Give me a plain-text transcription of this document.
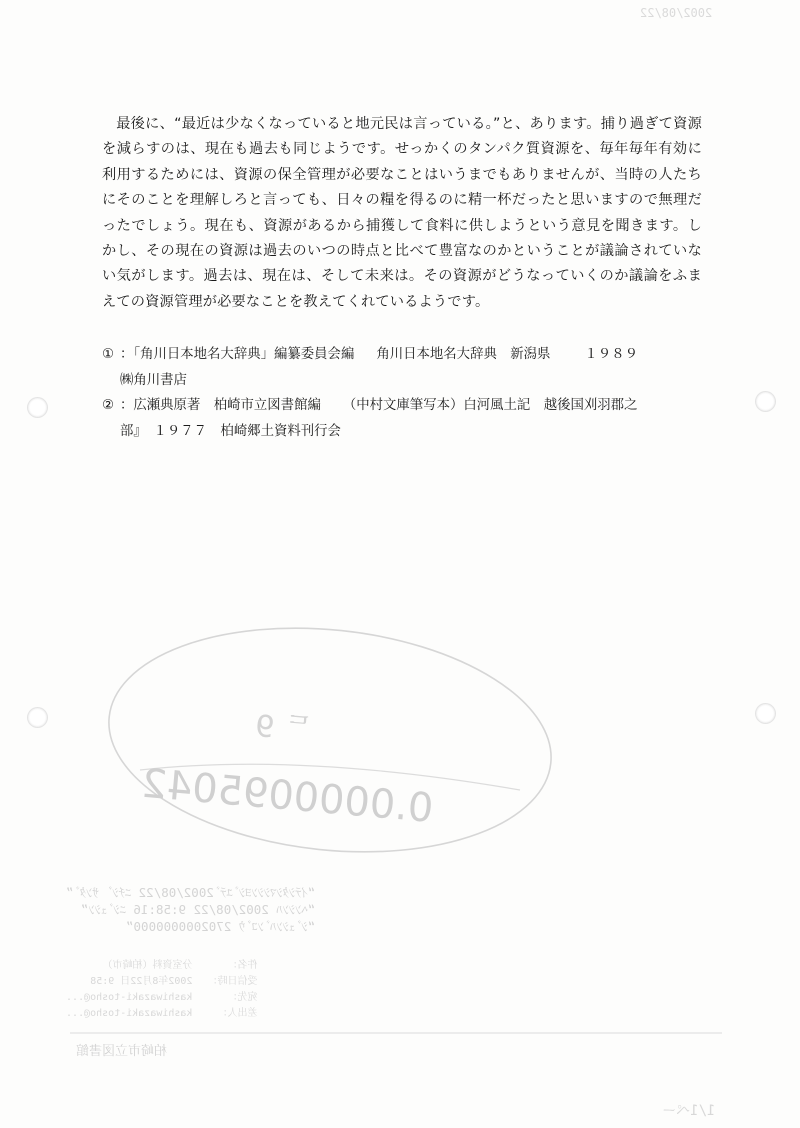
最後に、“最近は少なくなっていると地元民は言っている。”と、あります。捕り過ぎて資源を減らすのは、現在も過去も同じようです。せっかくのタンパク質資源を、毎年毎年有効に利用するためには、資源の保全管理が必要なことはいうまでもありませんが、当時の人たちにそのことを理解しろと言っても、日々の糧を得るのに精一杯だったと思いますので無理だったでしょう。現在も、資源があるから捕獲して食料に供しようという意見を聞きます。しかし、その現在の資源は過去のいつの時点と比べて豊富なのかということが議論されていない気がします。過去は、現在は、そして未来は。その資源がどうなっていくのか議論をふまえての資源管理が必要なことを教えてくれているようです。

① ：「角川日本地名大辞典」編纂委員会編 角川日本地名大辞典　新潟県	１９８９
㈱角川書店
② ：広瀬典原著　柏崎市立図書館編 （中村文庫筆写本）白河風土記　越後国刈羽郡之
部』　１９７７　柏崎郷土資料刊行会
2002/08/22
ᄃ 9
0.0000095042
“ｲﾃｼﾀｼﾏｼｼﾝﾖｼﾞﾕﾃﾞ2002/08/22 ﾆﾁｼﾞ ｻﾝﾀﾞ”
“ﾍﾝｼﾝﾊ 2002/08/22 9:58:16 ﾆｼﾞｭｼﾝ”
“ｼﾞｭｼﾝﾊﾞﾝｺﾞｳ 2702000000000”
件名：　　　　分室資料（柏崎市）
受信日時：　　2002年8月22日 9:58
宛先：　　　　kashiwazaki-tosho@...
差出人：　　　kashiwazaki-tosho@...
柏崎市立図書館
1/1ペー
